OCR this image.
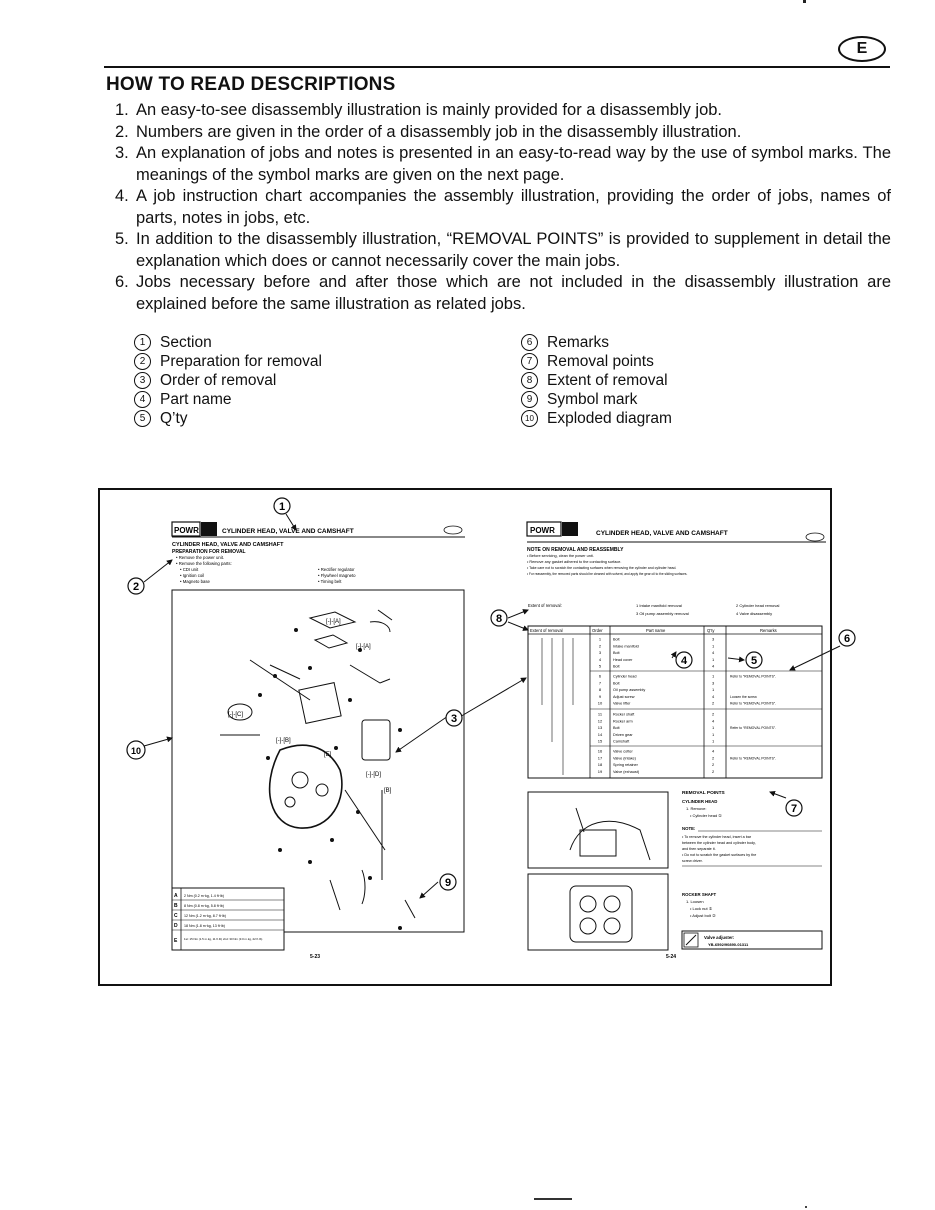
E
HOW TO READ DESCRIPTIONS
1. An easy-to-see disassembly illustration is mainly provided for a disassembly job.
2. Numbers are given in the order of a disassembly job in the disassembly illustration.
3. An explanation of jobs and notes is presented in an easy-to-read way by the use of symbol marks. The meanings of the symbol marks are given on the next page.
4. A job instruction chart accompanies the assembly illustration, providing the order of jobs, names of parts, notes in jobs, etc.
5. In addition to the disassembly illustration, “REMOVAL POINTS” is provided to supplement in detail the explanation which does or cannot necessarily cover the main jobs.
6. Jobs necessary before and after those which are not included in the disassembly illustration are explained before the same illustration as related jobs.
1 Section
2 Preparation for removal
3 Order of removal
4 Part name
5 Q’ty
6 Remarks
7 Removal points
8 Extent of removal
9 Symbol mark
10 Exploded diagram
POWR	CYLINDER HEAD, VALVE AND CAMSHAFT
CYLINDER HEAD, VALVE AND CAMSHAFT
PREPARATION FOR REMOVAL
• Remove the power unit.
• Remove the following parts:
• CDI unit
• Ignition coil
• Magneto base
• Rectifier regulator
• Flywheel magneto
• Timing belt
[-]-[A]
[-]-[A]
[-]-[C]
[-]-[B]
[E]
[-]-[D]
[B]
A 2 Nm (0.2 m·kg, 1.4 ft·lb)
B 8 Nm (0.8 m·kg, 5.8 ft·lb)
C 12 Nm (1.2 m·kg, 8.7 ft·lb)
D 18 Nm (1.8 m·kg, 13 ft·lb)
E 1st: 15 Nm (1.5 m·kg, 11 ft·lb) 2nd: 30 Nm (3.0 m·kg, 22 ft·lb)
5-23
POWR	CYLINDER HEAD, VALVE AND CAMSHAFT
NOTE ON REMOVAL AND REASSEMBLY
• Before servicing, clean the power unit.
• Remove any gasket adhered to the contacting surface.
• Take care not to scratch the contacting surfaces when removing the cylinder and cylinder head.
• For reassembly, the removed parts should be cleaned with solvent, and apply the gear oil to the sliding surfaces.
Extent of removal:	1 Intake manifold removal	2 Cylinder head removal
3 Oil pump assembly removal	4 Valve disassembly
Extent of removal	Order	Part name	Q’ty	Remarks
1	Bolt	3
2	Intake manifold	1
3	Bolt	4
4	Head cover	1
5	Bolt	4
6	Cylinder head	1	Refer to “REMOVAL POINTS”.
7	Bolt	3
8	Oil pump assembly	1
9	Adjust screw	4	Loosen the screw.
10	Valve lifter	2	Refer to “REMOVAL POINTS”.
11	Rocker shaft	2
12	Rocker arm	4
13	Bolt	1	Refer to “REMOVAL POINTS”.
14	Driven gear	1
15	Camshaft	1
16	Valve cotter	4
17	Valve (intake)	2	Refer to “REMOVAL POINTS”.
18	Spring retainer	2
19	Valve (exhaust)	2
REMOVAL POINTS
CYLINDER HEAD
1. Remove:
• Cylinder head ①
NOTE:
• To remove the cylinder head, insert a bar
between the cylinder head and cylinder body,
and then separate it.
• Do not to scratch the gasket surfaces by the
screw driver.
ROCKER SHAFT
1. Loosen
• Lock nut ①
• Adjust bolt ②
Valve adjuster:
YB-6592/90890-01311
5-24
1
2
3
4	5
6
7
8
9
10
